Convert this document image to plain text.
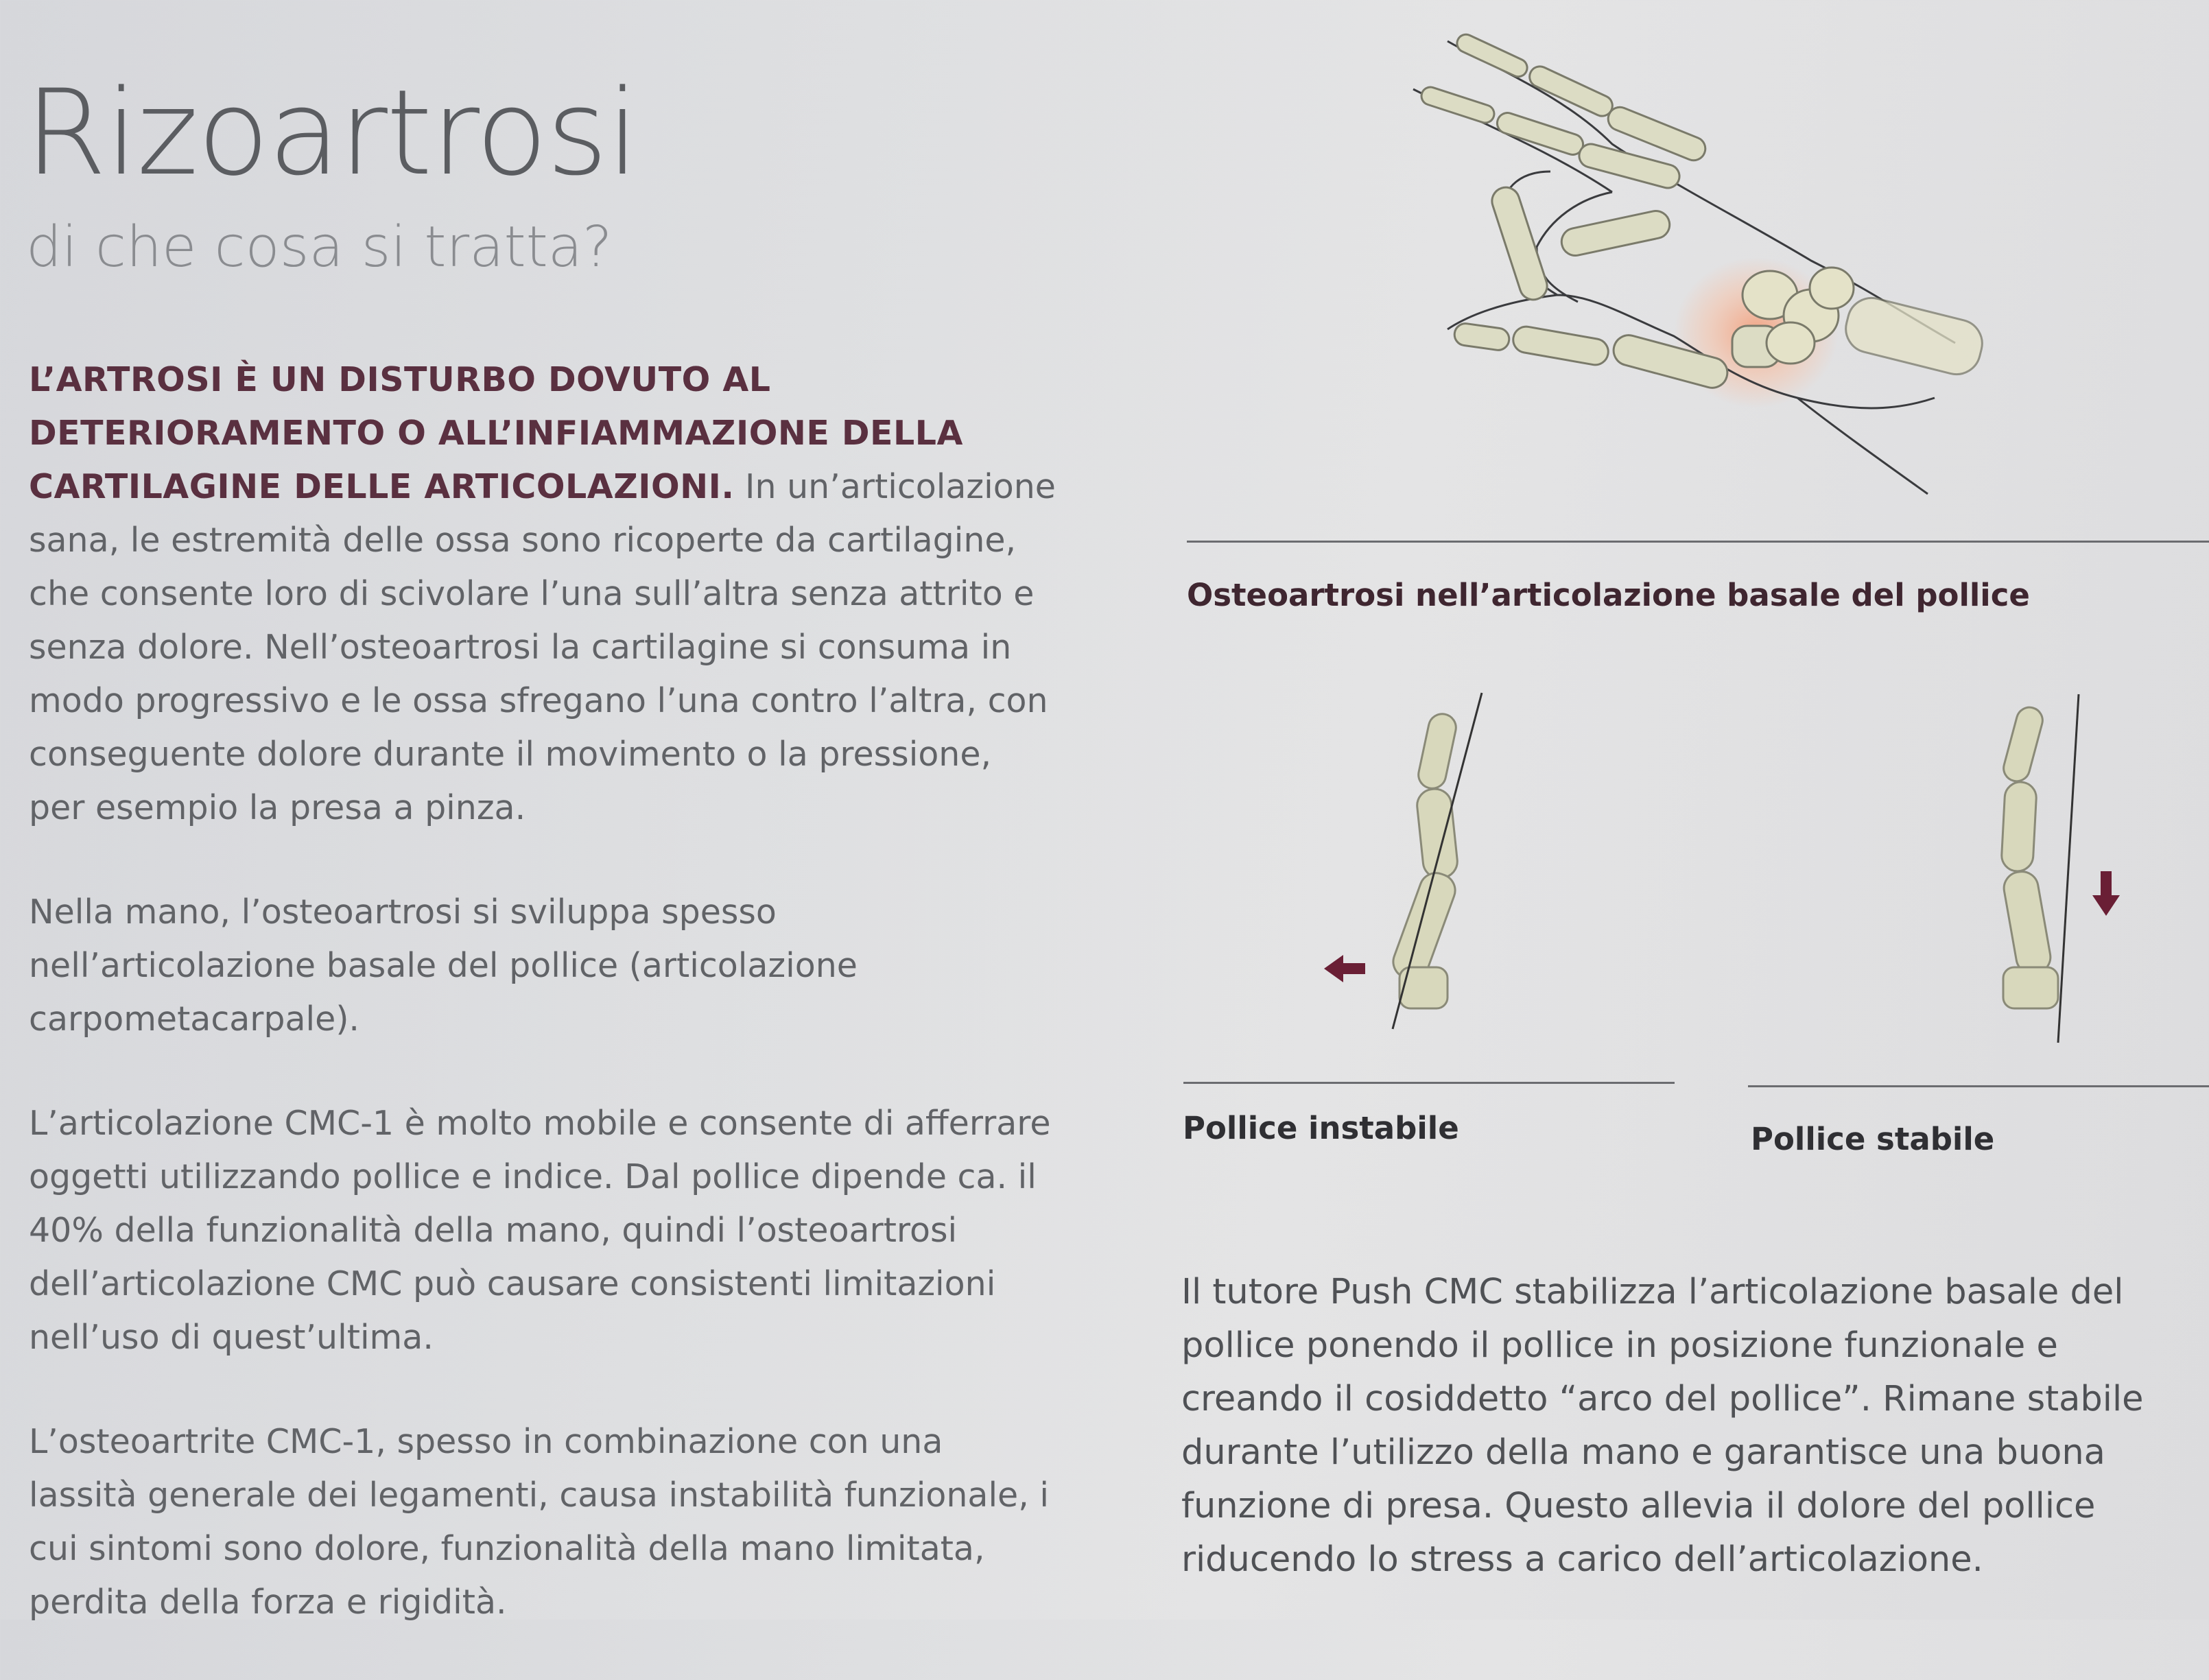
Rizoartrosi
di che cosa si tratta?

L’ARTROSI È UN DISTURBO DOVUTO AL DETERIORAMENTO O ALL’INFIAMMAZIONE DELLA CARTILAGINE DELLE ARTICOLAZIONI. In un’articolazione sana, le estremità delle ossa sono ricoperte da cartilagine, che consente loro di scivolare l’una sull’altra senza attrito e senza dolore. Nell’osteoartrosi la cartilagine si consuma in modo progressivo e le ossa sfregano l’una contro l’altra, con conseguente dolore durante il movimento o la pressione, per esempio la presa a pinza.

Nella mano, l’osteoartrosi si sviluppa spesso nell’articolazione basale del pollice (articolazione carpometacarpale).

L’articolazione CMC-1 è molto mobile e consente di afferrare oggetti utilizzando pollice e indice. Dal pollice dipende ca. il 40% della funzionalità della mano, quindi l’osteoartrosi dell’articolazione CMC può causare consistenti limitazioni nell’uso di quest’ultima.

L’osteoartrite CMC-1, spesso in combinazione con una lassità generale dei legamenti, causa instabilità funzionale, i cui sintomi sono dolore, funzionalità della mano limitata, perdita della forza e rigidità.

Osteoartrosi nell’articolazione basale del pollice

Pollice instabile	Pollice stabile

Il tutore Push CMC stabilizza l’articolazione basale del pollice ponendo il pollice in posizione funzionale e creando il cosiddetto “arco del pollice”. Rimane stabile durante l’utilizzo della mano e garantisce una buona funzione di presa. Questo allevia il dolore del pollice riducendo lo stress a carico dell’articolazione.
